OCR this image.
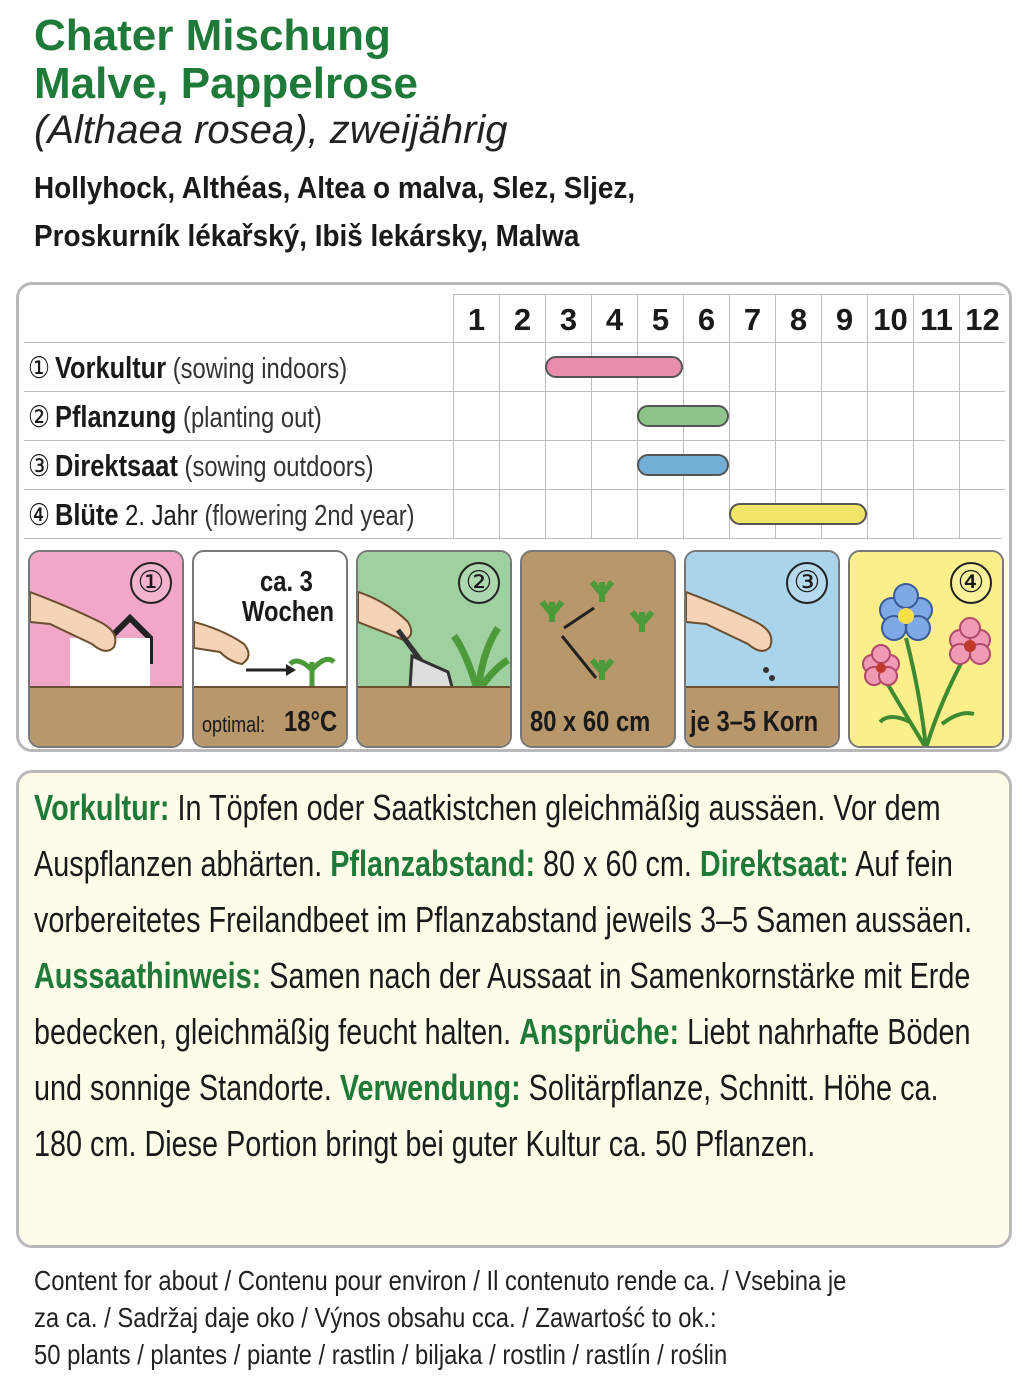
Chater Mischung
Malve, Pappelrose
(Althaea rosea), zweijährig
Hollyhock, Althéas, Altea o malva, Slez, Sljez,
Proskurník lékařský, Ibiš lekársky, Malwa
1 2 3 4 5 6 7 8 9 10 11 12
① Vorkultur (sowing indoors)
② Pflanzung (planting out)
③ Direktsaat (sowing outdoors)
④ Blüte 2. Jahr (flowering 2nd year)
①	ca. 3
Wochen
optimal: 18°C
②
80 x 60 cm
③
je 3–5 Korn
④
Vorkultur: In Töpfen oder Saatkistchen gleichmäßig aussäen. Vor dem Auspflanzen abhärten. Pflanzabstand: 80 x 60 cm. Direktsaat: Auf fein vorbereitetes Freilandbeet im Pflanzabstand jeweils 3–5 Samen aussäen. Aussaathinweis: Samen nach der Aussaat in Samenkornstärke mit Erde bedecken, gleichmäßig feucht halten. Ansprüche: Liebt nahrhafte Böden und sonnige Standorte. Verwendung: Solitärpflanze, Schnitt. Höhe ca. 180 cm. Diese Portion bringt bei guter Kultur ca. 50 Pflanzen.
Content for about / Contenu pour environ / Il contenuto rende ca. / Vsebina je
za ca. / Sadržaj daje oko / Výnos obsahu cca. / Zawartość to ok.:
50 plants / plantes / piante / rastlin / biljaka / rostlin / rastlín / roślin
